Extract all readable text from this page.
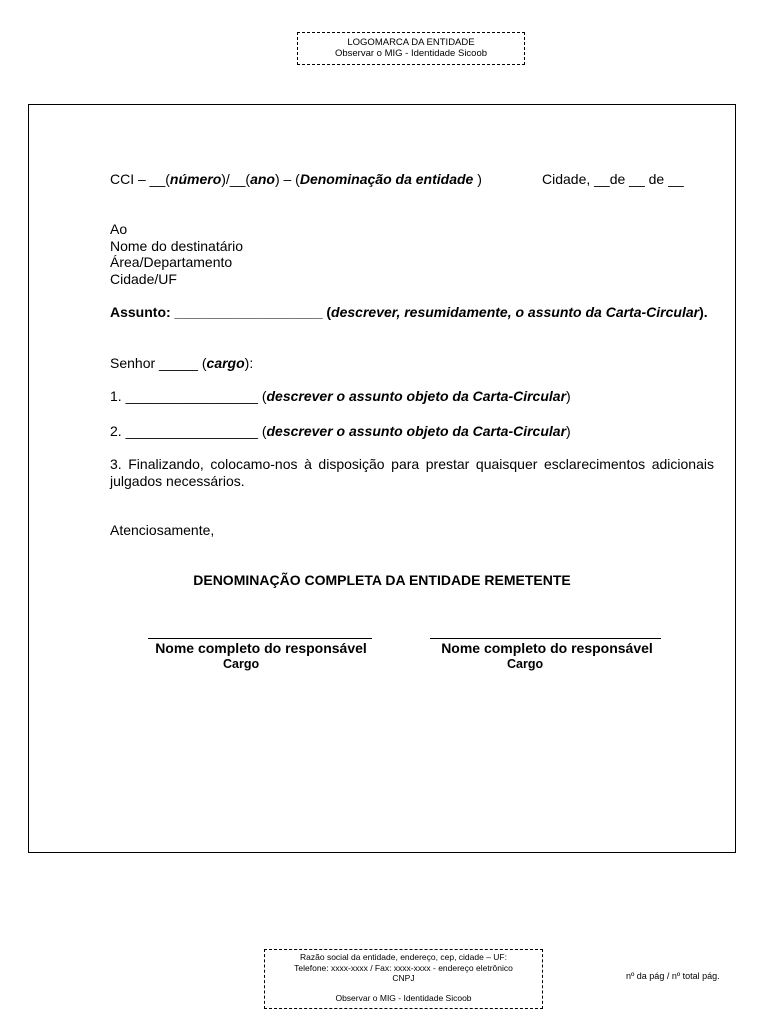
LOGOMARCA DA ENTIDADE
Observar o MIG - Identidade Sicoob
CCI – __(número)/__(ano) – (Denominação da entidade )	Cidade, __de __ de __
Ao
Nome do destinatário
Área/Departamento
Cidade/UF
Assunto: ___________________ (descrever, resumidamente, o assunto da Carta-Circular).
Senhor _____ (cargo):
1. _________________ (descrever o assunto objeto da Carta-Circular)
2. _________________ (descrever o assunto objeto da Carta-Circular)
3. Finalizando, colocamo-nos à disposição para prestar quaisquer esclarecimentos adicionais julgados necessários.
Atenciosamente,
DENOMINAÇÃO COMPLETA DA ENTIDADE REMETENTE
Nome completo do responsável
Cargo
Nome completo do responsável
Cargo
Razão social da entidade, endereço, cep, cidade – UF:
Telefone: xxxx-xxxx / Fax: xxxx-xxxx - endereço eletrônico
CNPJ
Observar o MIG - Identidade Sicoob
nº da pág / nº total pág.
